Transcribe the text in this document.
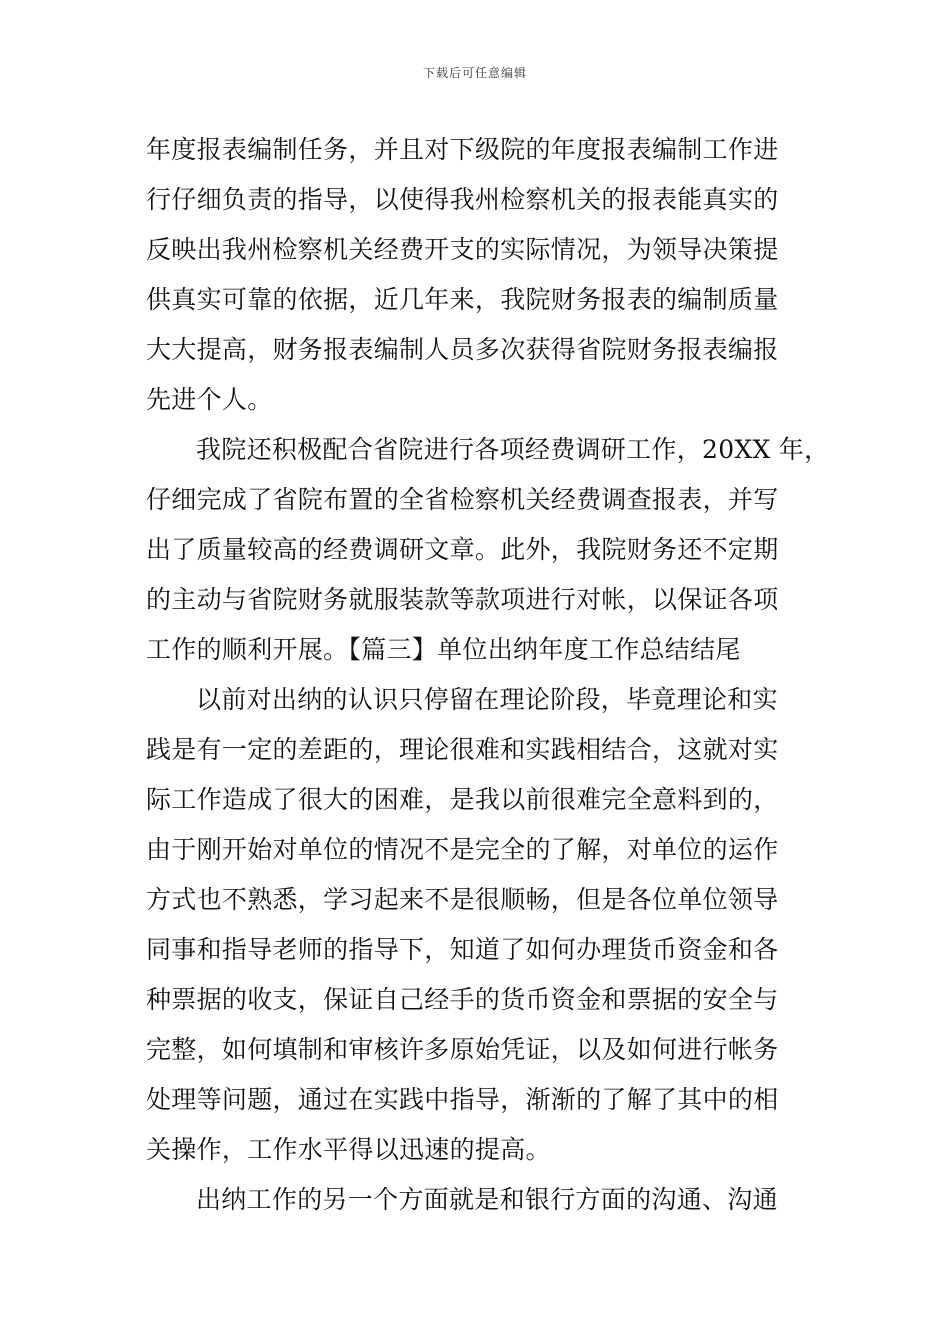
下载后可任意编辑
年度报表编制任务，并且对下级院的年度报表编制工作进
行仔细负责的指导，以使得我州检察机关的报表能真实的
反映出我州检察机关经费开支的实际情况，为领导决策提
供真实可靠的依据，近几年来，我院财务报表的编制质量
大大提高，财务报表编制人员多次获得省院财务报表编报
先进个人。
我院还积极配合省院进行各项经费调研工作，20XX 年，
仔细完成了省院布置的全省检察机关经费调查报表，并写
出了质量较高的经费调研文章。此外，我院财务还不定期
的主动与省院财务就服装款等款项进行对帐，以保证各项
工作的顺利开展。【篇三】单位出纳年度工作总结结尾
以前对出纳的认识只停留在理论阶段，毕竟理论和实
践是有一定的差距的，理论很难和实践相结合，这就对实
际工作造成了很大的困难，是我以前很难完全意料到的，
由于刚开始对单位的情况不是完全的了解，对单位的运作
方式也不熟悉，学习起来不是很顺畅，但是各位单位领导
同事和指导老师的指导下，知道了如何办理货币资金和各
种票据的收支，保证自己经手的货币资金和票据的安全与
完整，如何填制和审核许多原始凭证，以及如何进行帐务
处理等问题，通过在实践中指导，渐渐的了解了其中的相
关操作，工作水平得以迅速的提高。
出纳工作的另一个方面就是和银行方面的沟通、沟通
